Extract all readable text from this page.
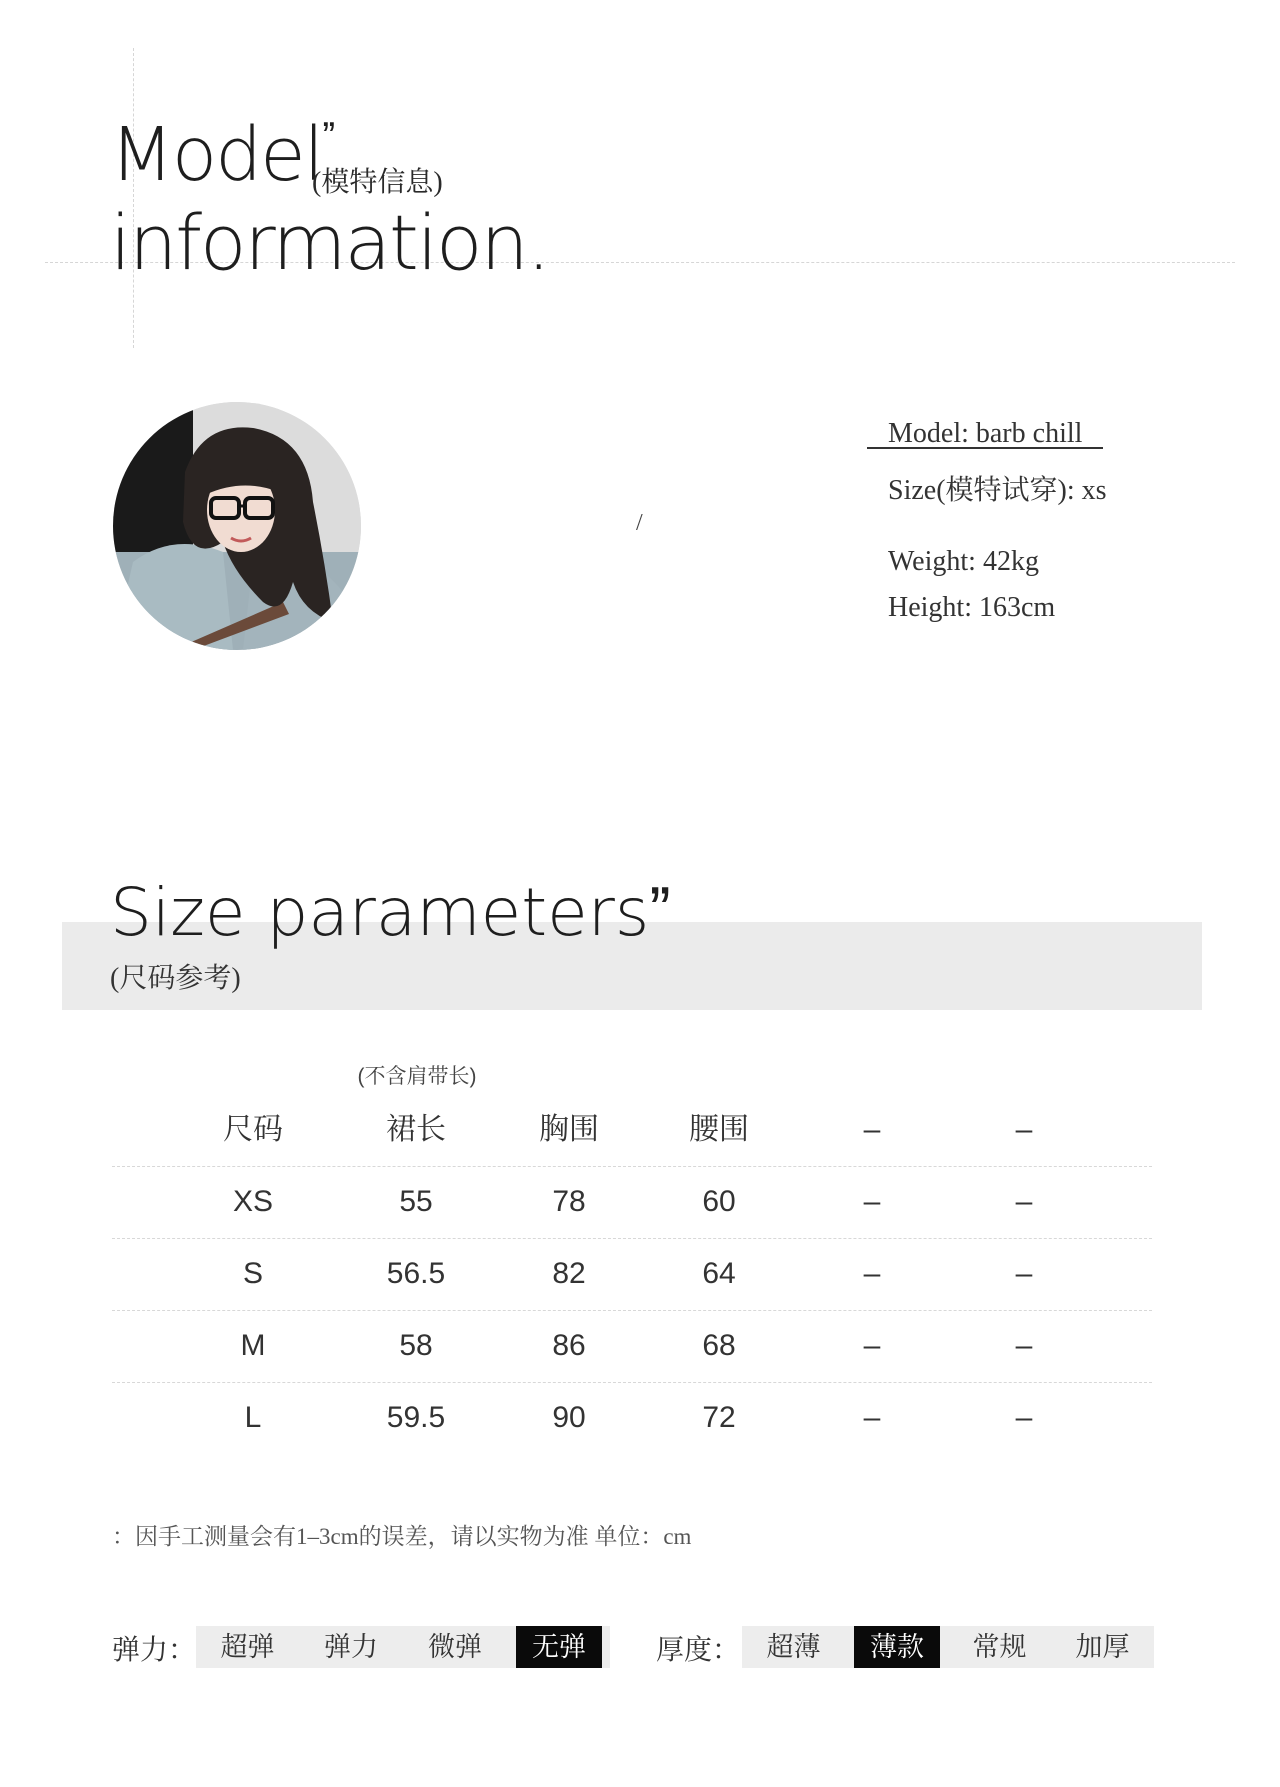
Model$^ˮ$
(模特信息)
information.
/
Model: barb chill
Size(模特试穿): xs
Weight: 42kg
Height: 163cm
Size parametersˮ
(尺码参考)
(不含肩带长)
尺码	裙长	胸围	腰围	–	–
XS	55	78	60	–	–
S	56.5	82	64	–	–
M	58	86	68	–	–
L	59.5	90	72	–	–
：因手工测量会有1–3cm的误差，请以实物为准 单位：cm
弹力： 超弹	弹力	微弹	无弹	厚度： 超薄	薄款	常规	加厚
